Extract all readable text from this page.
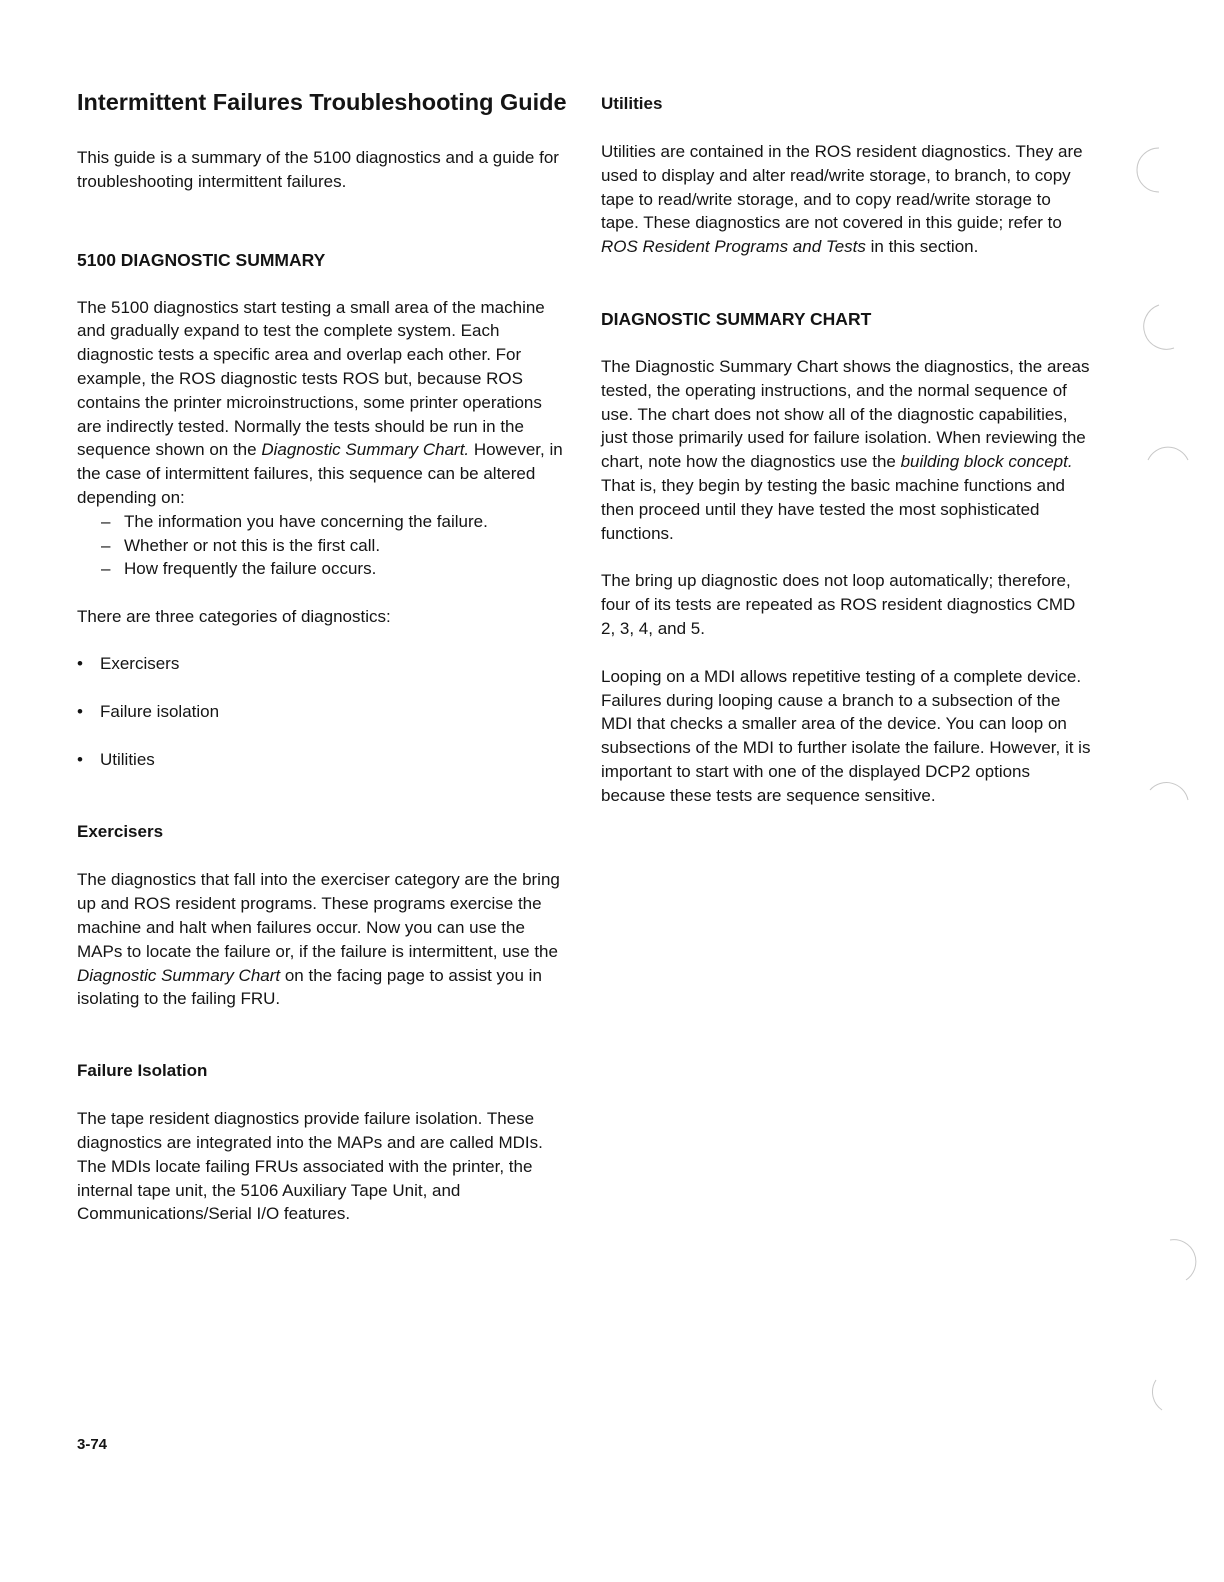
Intermittent Failures Troubleshooting Guide

This guide is a summary of the 5100 diagnostics and a guide for troubleshooting intermittent failures.

5100 DIAGNOSTIC SUMMARY

The 5100 diagnostics start testing a small area of the machine and gradually expand to test the complete system. Each diagnostic tests a specific area and overlap each other. For example, the ROS diagnostic tests ROS but, because ROS contains the printer microinstructions, some printer operations are indirectly tested. Normally the tests should be run in the sequence shown on the Diagnostic Summary Chart. However, in the case of intermittent failures, this sequence can be altered depending on:

– The information you have concerning the failure.
– Whether or not this is the first call.
– How frequently the failure occurs.

There are three categories of diagnostics:

• Exercisers
• Failure isolation
• Utilities
Exercisers

The diagnostics that fall into the exerciser category are the bring up and ROS resident programs. These programs exercise the machine and halt when failures occur. Now you can use the MAPs to locate the failure or, if the failure is intermittent, use the Diagnostic Summary Chart on the facing page to assist you in isolating to the failing FRU.

Failure Isolation

The tape resident diagnostics provide failure isolation. These diagnostics are integrated into the MAPs and are called MDIs. The MDIs locate failing FRUs associated with the printer, the internal tape unit, the 5106 Auxiliary Tape Unit, and Communications/Serial I/O features.

Utilities

Utilities are contained in the ROS resident diagnostics. They are used to display and alter read/write storage, to branch, to copy tape to read/write storage, and to copy read/write storage to tape. These diagnostics are not covered in this guide; refer to ROS Resident Programs and Tests in this section.

DIAGNOSTIC SUMMARY CHART

The Diagnostic Summary Chart shows the diagnostics, the areas tested, the operating instructions, and the normal sequence of use. The chart does not show all of the diagnostic capabilities, just those primarily used for failure isolation. When reviewing the chart, note how the diagnostics use the building block concept. That is, they begin by testing the basic machine functions and then proceed until they have tested the most sophisticated functions.

The bring up diagnostic does not loop automatically; therefore, four of its tests are repeated as ROS resident diagnostics CMD 2, 3, 4, and 5.

Looping on a MDI allows repetitive testing of a complete device. Failures during looping cause a branch to a subsection of the MDI that checks a smaller area of the device. You can loop on subsections of the MDI to further isolate the failure. However, it is important to start with one of the displayed DCP2 options because these tests are sequence sensitive.

3-74
